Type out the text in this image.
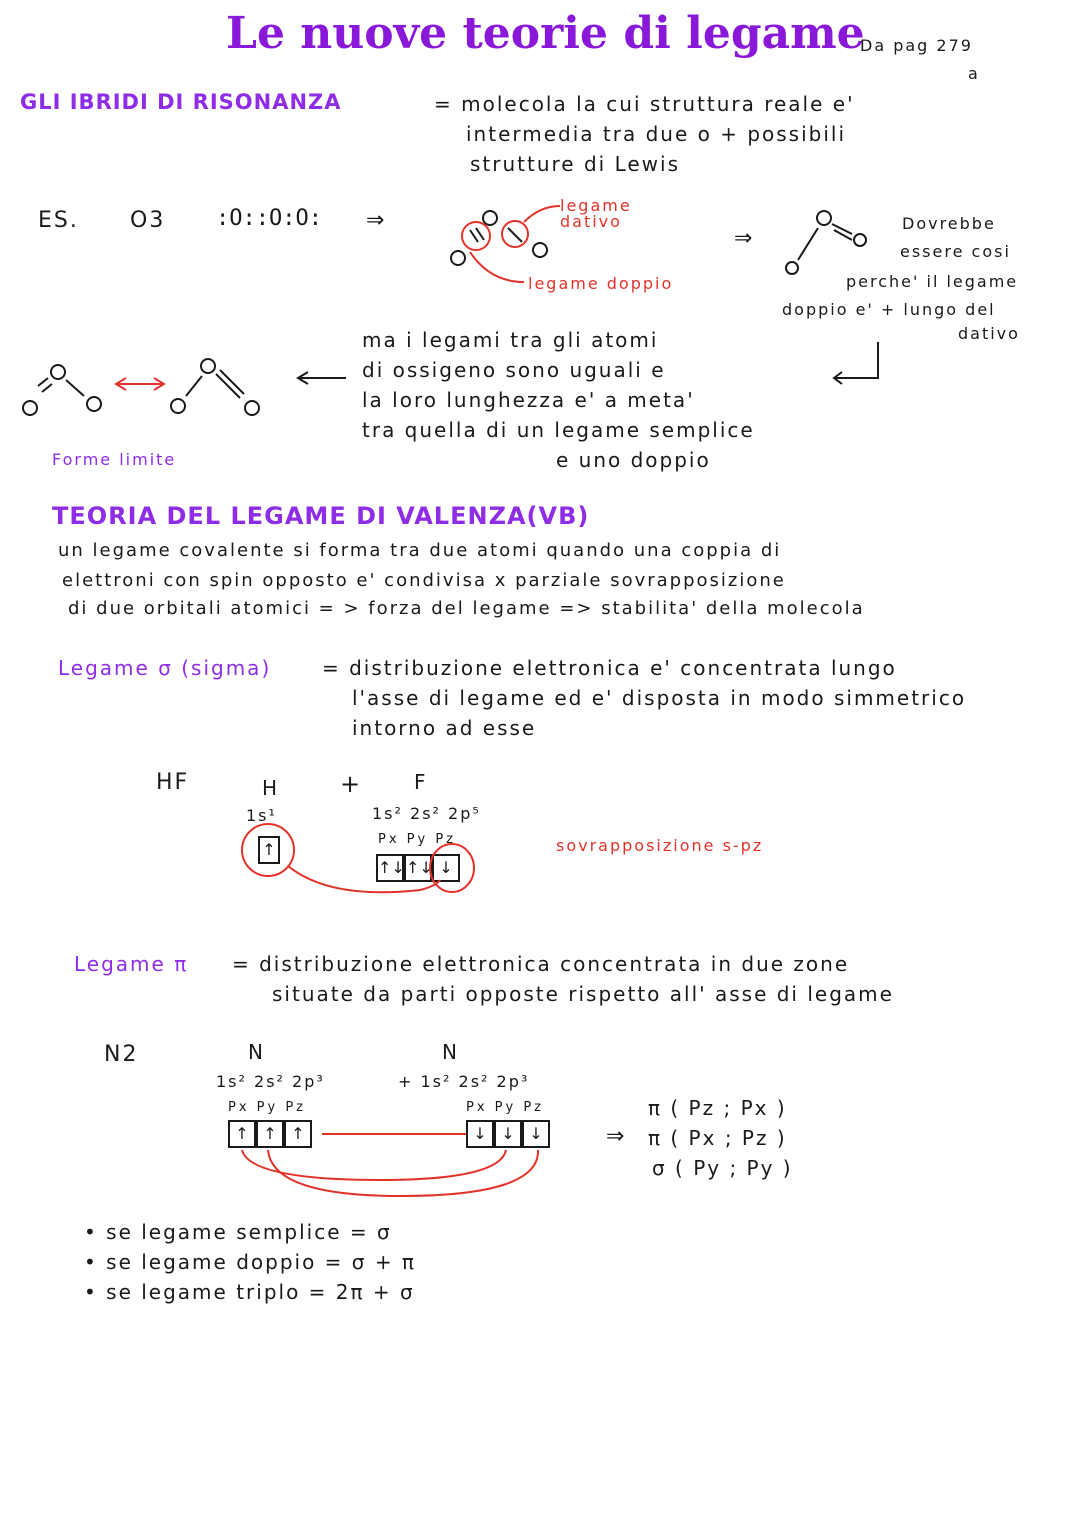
Le nuove teorie di legame
Da pag 279
a
GLI IBRIDI DI RISONANZA	= molecola la cui struttura reale e'
intermedia tra due o + possibili
strutture di Lewis
ES. O3 :O::O:O: ⇒
legame dativo
legame doppio
⇒
Dovrebbe
essere cosi
perche' il legame
doppio e' + lungo del
dativo
ma i legami tra gli atomi
di ossigeno sono uguali e
la loro lunghezza e' a meta'
tra quella di un legame semplice
e uno doppio
Forme limite
TEORIA DEL LEGAME DI VALENZA(VB)
un legame covalente si forma tra due atomi quando una coppia di
elettroni con spin opposto e' condivisa x parziale sovrapposizione
di due orbitali atomici = > forza del legame => stabilita' della molecola
Legame σ (sigma)	= distribuzione elettronica e' concentrata lungo
l'asse di legame ed e' disposta in modo simmetrico
intorno ad esse
HF	H	+	F
1s¹	1s² 2s² 2p⁵
Px Py Pz	sovrapposizione s-pz
↑
↑↓ ↑↓ ↓
Legame π = distribuzione elettronica concentrata in due zone
situate da parti opposte rispetto all' asse di legame
N2	N	N
1s² 2s² 2p³	+ 1s² 2s² 2p³
Px Py Pz	Px Py Pz
↑ ↑ ↑	↓ ↓ ↓	⇒
π ( Pz ; Px )
π ( Px ; Pz )
σ ( Py ; Py )
• se legame semplice = σ
• se legame doppio = σ + π
• se legame triplo = 2π + σ
